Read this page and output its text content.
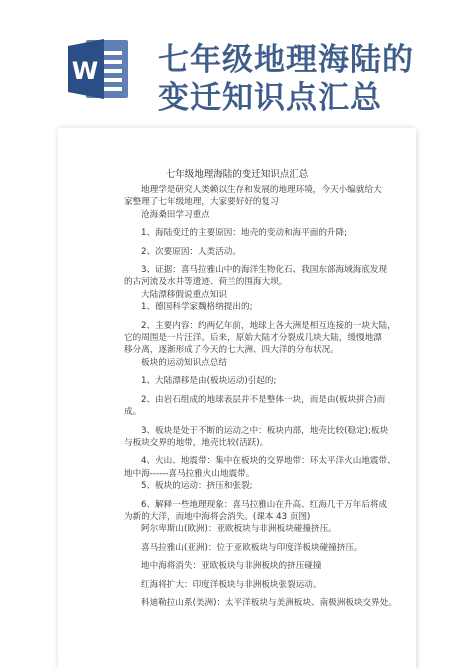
W 七年级地理海陆的
变迁知识点汇总
七年级地理海陆的变迁知识点汇总

地理学是研究人类赖以生存和发展的地理环境，今天小编就给大

家整理了七年级地理，大家要好好的复习

沧海桑田学习重点

1、海陆变迁的主要原因：地壳的变动和海平面的升降;

2、次要原因：人类活动。

3、证据：喜马拉雅山中的海洋生物化石、我国东部海域海底发现

的古河流及水井等遗迹、荷兰的围海大坝。

大陆漂移假说重点知识

1、德国科学家魏格纳提出的;

2、主要内容：约两亿年前，地球上各大洲是相互连接的一块大陆，

它的周围是一片汪洋。后来，原始大陆才分裂成几块大陆，缓慢地漂

移分离，逐渐形成了今天的七大洲、四大洋的分布状况。

板块的运动知识点总结

1、大陆漂移是由(板块运动)引起的;

2、由岩石组成的地球表层并不是整体一块，而是由(板块拼合)而

成。

3、板块是处于不断的运动之中：板块内部，地壳比较(稳定);板块

与板块交界的地带，地壳比较(活跃)。

4、火山、地震带：集中在板块的交界地带：环太平洋火山地震带、

地中海------喜马拉雅火山地震带。

5、板块的运动：挤压和张裂;

6、解释一些地理现象：喜马拉雅山在升高、红海几千万年后将成

为新的大洋，而地中海将会消失。(课本 43 页图)

阿尔卑斯山(欧洲)：亚欧板块与非洲板块碰撞挤压。

喜马拉雅山(亚洲)：位于亚欧板块与印度洋板块碰撞挤压。

地中海将消失：亚欧板块与非洲板块的挤压碰撞

红海将扩大：印度洋板块与非洲板块张裂运动。

科迪勒拉山系(美洲)：太平洋板块与美洲板块、南极洲板块交界处。
